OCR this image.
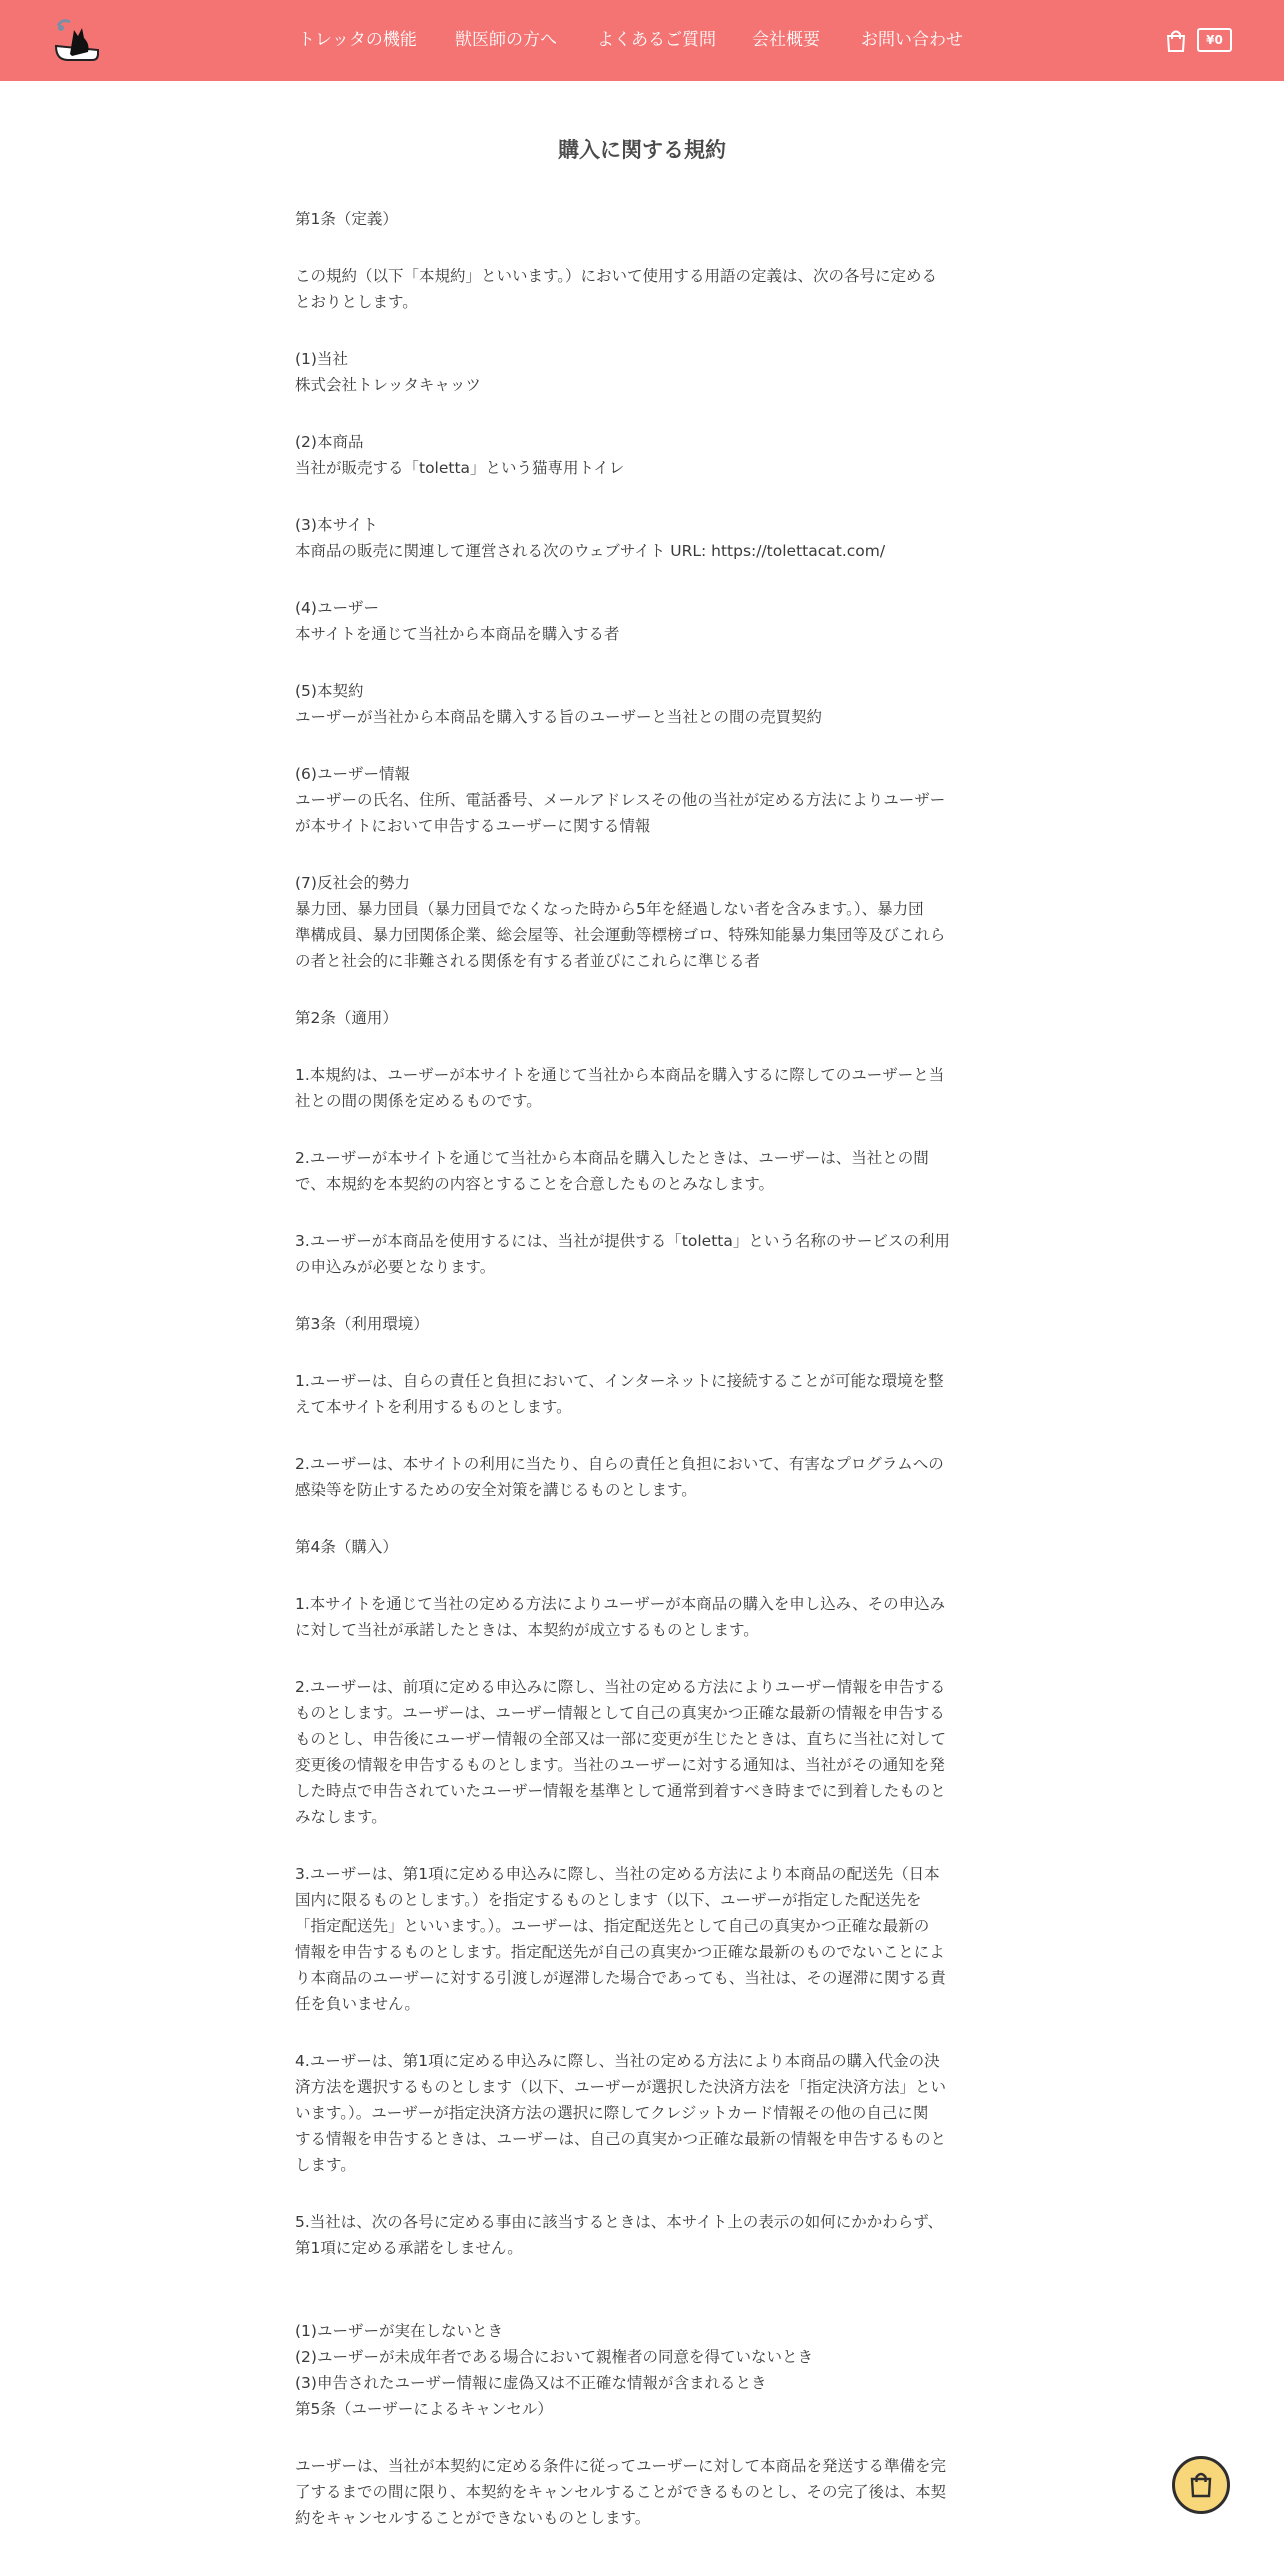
トレッタの機能 獣医師の方へ よくあるご質問 会社概要 お問い合わせ	¥0
購入に関する規約

第1条（定義）

この規約（以下「本規約」といいます。）において使用する用語の定義は、次の各号に定める
とおりとします。

(1)当社
株式会社トレッタキャッツ

(2)本商品
当社が販売する「toletta」という猫専用トイレ

(3)本サイト
本商品の販売に関連して運営される次のウェブサイト URL: https://tolettacat.com/

(4)ユーザー
本サイトを通じて当社から本商品を購入する者

(5)本契約
ユーザーが当社から本商品を購入する旨のユーザーと当社との間の売買契約

(6)ユーザー情報
ユーザーの氏名、住所、電話番号、メールアドレスその他の当社が定める方法によりユーザー
が本サイトにおいて申告するユーザーに関する情報

(7)反社会的勢力
暴力団、暴力団員（暴力団員でなくなった時から5年を経過しない者を含みます。）、暴力団
準構成員、暴力団関係企業、総会屋等、社会運動等標榜ゴロ、特殊知能暴力集団等及びこれら
の者と社会的に非難される関係を有する者並びにこれらに準じる者

第2条（適用）

1.本規約は、ユーザーが本サイトを通じて当社から本商品を購入するに際してのユーザーと当
社との間の関係を定めるものです。

2.ユーザーが本サイトを通じて当社から本商品を購入したときは、ユーザーは、当社との間
で、本規約を本契約の内容とすることを合意したものとみなします。

3.ユーザーが本商品を使用するには、当社が提供する「toletta」という名称のサービスの利用
の申込みが必要となります。

第3条（利用環境）

1.ユーザーは、自らの責任と負担において、インターネットに接続することが可能な環境を整
えて本サイトを利用するものとします。

2.ユーザーは、本サイトの利用に当たり、自らの責任と負担において、有害なプログラムへの
感染等を防止するための安全対策を講じるものとします。

第4条（購入）

1.本サイトを通じて当社の定める方法によりユーザーが本商品の購入を申し込み、その申込み
に対して当社が承諾したときは、本契約が成立するものとします。

2.ユーザーは、前項に定める申込みに際し、当社の定める方法によりユーザー情報を申告する
ものとします。ユーザーは、ユーザー情報として自己の真実かつ正確な最新の情報を申告する
ものとし、申告後にユーザー情報の全部又は一部に変更が生じたときは、直ちに当社に対して
変更後の情報を申告するものとします。当社のユーザーに対する通知は、当社がその通知を発
した時点で申告されていたユーザー情報を基準として通常到着すべき時までに到着したものと
みなします。

3.ユーザーは、第1項に定める申込みに際し、当社の定める方法により本商品の配送先（日本
国内に限るものとします。）を指定するものとします（以下、ユーザーが指定した配送先を
「指定配送先」といいます。）。ユーザーは、指定配送先として自己の真実かつ正確な最新の
情報を申告するものとします。指定配送先が自己の真実かつ正確な最新のものでないことによ
り本商品のユーザーに対する引渡しが遅滞した場合であっても、当社は、その遅滞に関する責
任を負いません。

4.ユーザーは、第1項に定める申込みに際し、当社の定める方法により本商品の購入代金の決
済方法を選択するものとします（以下、ユーザーが選択した決済方法を「指定決済方法」とい
います。）。ユーザーが指定決済方法の選択に際してクレジットカード情報その他の自己に関
する情報を申告するときは、ユーザーは、自己の真実かつ正確な最新の情報を申告するものと
します。

5.当社は、次の各号に定める事由に該当するときは、本サイト上の表示の如何にかかわらず、
第1項に定める承諾をしません。

(1)ユーザーが実在しないとき

(2)ユーザーが未成年者である場合において親権者の同意を得ていないとき

(3)申告されたユーザー情報に虚偽又は不正確な情報が含まれるとき

第5条（ユーザーによるキャンセル）

ユーザーは、当社が本契約に定める条件に従ってユーザーに対して本商品を発送する準備を完
了するまでの間に限り、本契約をキャンセルすることができるものとし、その完了後は、本契
約をキャンセルすることができないものとします。
